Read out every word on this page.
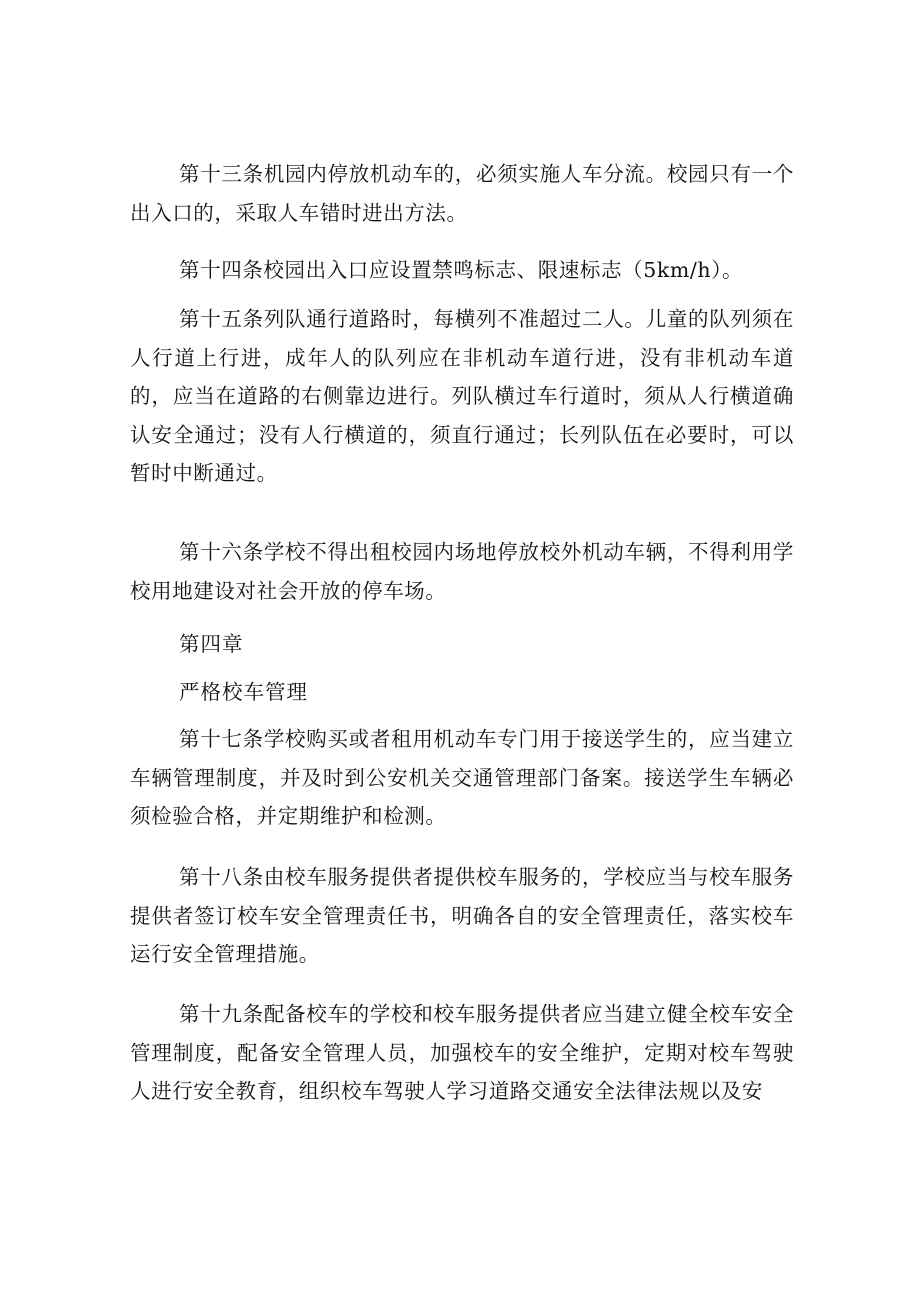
第十三条机园内停放机动车的，必须实施人车分流。校园只有一个出入口的，采取人车错时进出方法。

第十四条校园出入口应设置禁鸣标志、限速标志（5km/h）。

第十五条列队通行道路时，每横列不准超过二人。儿童的队列须在人行道上行进，成年人的队列应在非机动车道行进，没有非机动车道的，应当在道路的右侧靠边进行。列队横过车行道时，须从人行横道确认安全通过；没有人行横道的，须直行通过；长列队伍在必要时，可以暂时中断通过。

第十六条学校不得出租校园内场地停放校外机动车辆，不得利用学校用地建设对社会开放的停车场。

第四章

严格校车管理

第十七条学校购买或者租用机动车专门用于接送学生的，应当建立车辆管理制度，并及时到公安机关交通管理部门备案。接送学生车辆必须检验合格，并定期维护和检测。

第十八条由校车服务提供者提供校车服务的，学校应当与校车服务提供者签订校车安全管理责任书，明确各自的安全管理责任，落实校车运行安全管理措施。

第十九条配备校车的学校和校车服务提供者应当建立健全校车安全管理制度，配备安全管理人员，加强校车的安全维护，定期对校车驾驶人进行安全教育，组织校车驾驶人学习道路交通安全法律法规以及安
